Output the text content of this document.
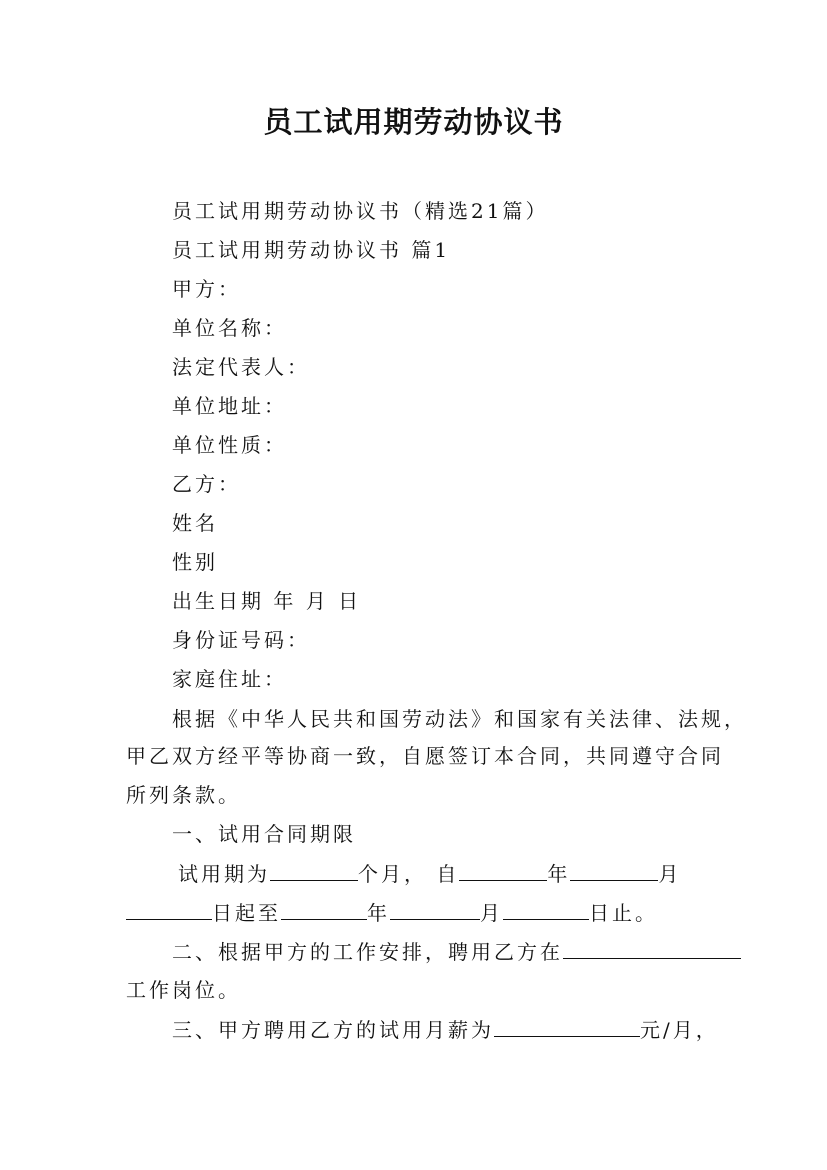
员工试用期劳动协议书
员工试用期劳动协议书（精选21篇）
员工试用期劳动协议书 篇1
甲方：
单位名称：
法定代表人：
单位地址：
单位性质：
乙方：
姓名
性别
出生日期 年 月 日
身份证号码：
家庭住址：
根据《中华人民共和国劳动法》和国家有关法律、法规，
甲乙双方经平等协商一致，自愿签订本合同，共同遵守合同
所列条款。
一、试用合同期限
试用期为	个月， 自	年	月
日起至	年	月	日止。
二、根据甲方的工作安排，聘用乙方在
工作岗位。
三、甲方聘用乙方的试用月薪为	元/月，
